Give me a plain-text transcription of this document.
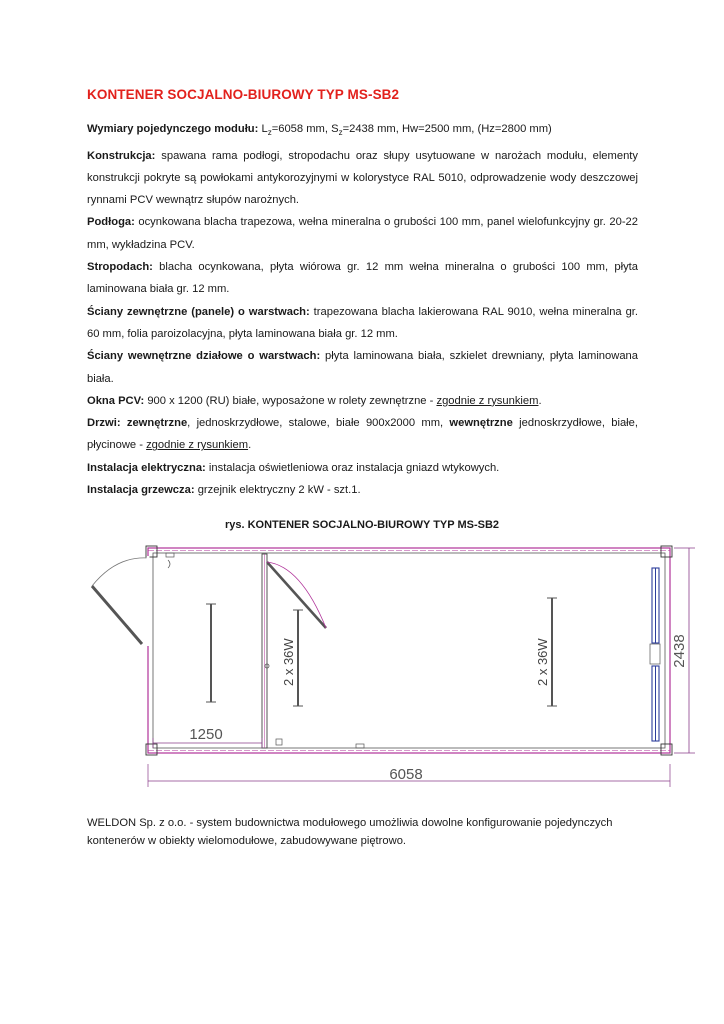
KONTENER SOCJALNO-BIUROWY TYP MS-SB2

Wymiary pojedynczego modułu: $L_z=6058$ mm, $S_z=2438$ mm, Hw=2500 mm, (Hz=2800 mm)

Konstrukcja: spawana rama podłogi, stropodachu oraz słupy usytuowane w narożach modułu, elementy konstrukcji pokryte są powłokami antykorozyjnymi w kolorystyce RAL 5010, odprowadzenie wody deszczowej rynnami PCV wewnątrz słupów narożnych.

Podłoga: ocynkowana blacha trapezowa, wełna mineralna o grubości 100 mm, panel wielofunkcyjny gr. 20-22 mm, wykładzina PCV.

Stropodach: blacha ocynkowana, płyta wiórowa gr. 12 mm wełna mineralna o grubości 100 mm, płyta laminowana biała gr. 12 mm.

Ściany zewnętrzne (panele) o warstwach: trapezowana blacha lakierowana RAL 9010, wełna mineralna gr. 60 mm, folia paroizolacyjna, płyta laminowana biała gr. 12 mm.

Ściany wewnętrzne działowe o warstwach: płyta laminowana biała, szkielet drewniany, płyta laminowana biała.

Okna PCV: 900 x 1200 (RU) białe, wyposażone w rolety zewnętrzne - zgodnie z rysunkiem.

Drzwi: zewnętrzne, jednoskrzydłowe, stalowe, białe 900x2000 mm, wewnętrzne jednoskrzydłowe, białe, płycinowe - zgodnie z rysunkiem.

Instalacja elektryczna: instalacja oświetleniowa oraz instalacja gniazd wtykowych.

Instalacja grzewcza: grzejnik elektryczny 2 kW - szt.1.

rys. KONTENER SOCJALNO-BIUROWY TYP MS-SB2
2 x 36W	2 x 36W
1250
6058
2438
WELDON Sp. z o.o. - system budownictwa modułowego umożliwia dowolne konfigurowanie pojedynczych kontenerów w obiekty wielomodułowe, zabudowywane piętrowo.
